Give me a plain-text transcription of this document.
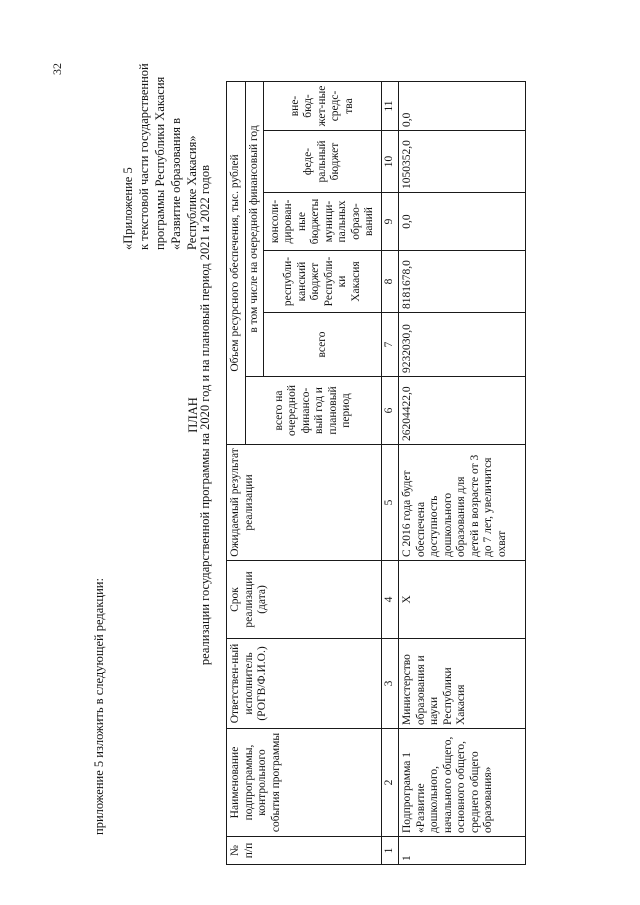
32
приложение 5 изложить в следующей редакции:
«Приложение 5
к текстовой части государственной
программы Республики Хакасия
«Развитие образования в
Республике Хакасия»
ПЛАН
реализации государственной программы на 2020 год и на плановый период 2021 и 2022 годов
№ п/п	Наименование подпрограммы, контрольного события программы	Ответствен-ный исполнитель (РОГВ/Ф.И.О.)	Срок реализации (дата)	Ожидаемый результат реализации	Объем ресурсного обеспечения, тыс. рублей					
					всего на очередной финансо-вый год и плановый период	в том числе на очередной финансовый год				
						всего	республи-канский бюджет Республи-ки Хакасия	консоли-дирован-ные бюджеты муници-пальных образо-ваний	феде-ральный бюджет	вне-бюд-жет-ные средс-тва
1	2	3	4	5	6	7	8	9	10	11
1	Подпрограмма 1 «Развитие дошкольного, начального общего, основного общего, среднего общего образования»	Министерство образования и науки Республики Хакасия	Х	С 2016 года будет обеспечена доступность дошкольного образования для детей в возрасте от 3 до 7 лет, увеличится охват	26204422,0	9232030,0	8181678,0	0,0	1050352,0	0,0
